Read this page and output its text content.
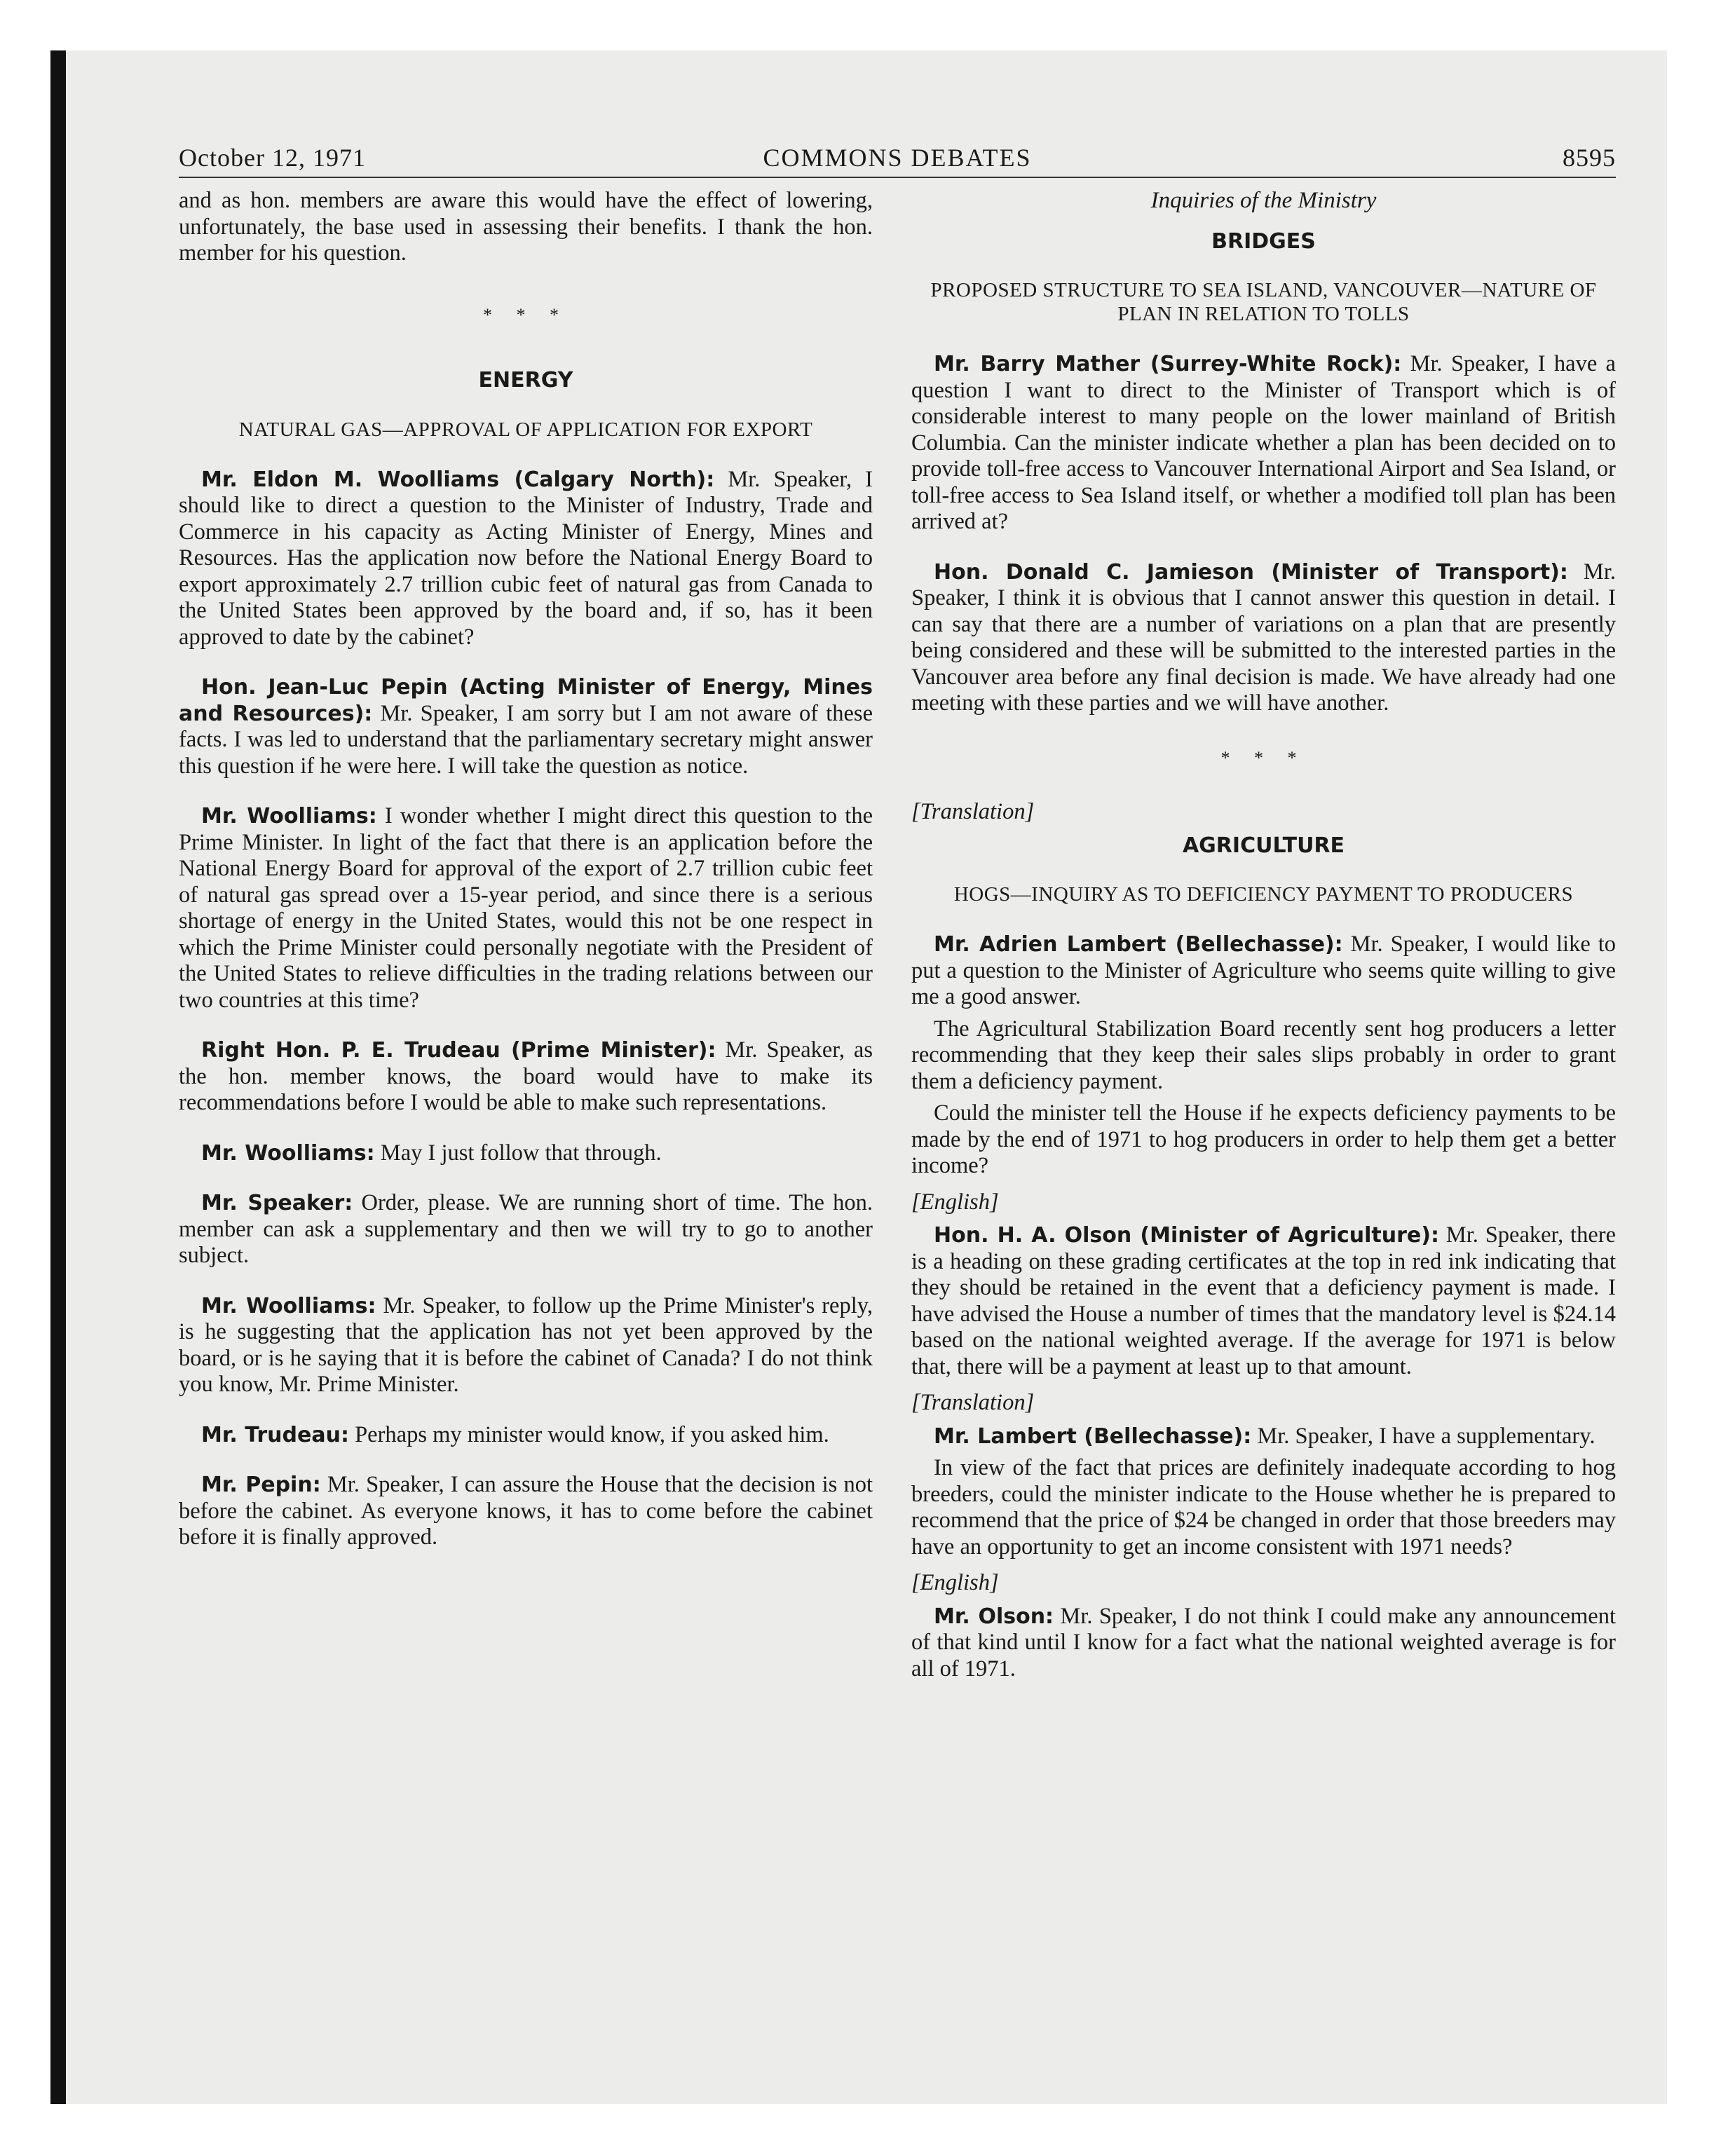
October 12, 1971	COMMONS DEBATES	8595

and as hon. members are aware this would have the effect of lowering, unfortunately, the base used in assessing their benefits. I thank the hon. member for his question.

* * *
ENERGY
NATURAL GAS—APPROVAL OF APPLICATION FOR EXPORT

Mr. Eldon M. Woolliams (Calgary North): Mr. Speaker, I should like to direct a question to the Minister of Industry, Trade and Commerce in his capacity as Acting Minister of Energy, Mines and Resources. Has the application now before the National Energy Board to export approximately 2.7 trillion cubic feet of natural gas from Canada to the United States been approved by the board and, if so, has it been approved to date by the cabinet?

Hon. Jean-Luc Pepin (Acting Minister of Energy, Mines and Resources): Mr. Speaker, I am sorry but I am not aware of these facts. I was led to understand that the parliamentary secretary might answer this question if he were here. I will take the question as notice.

Mr. Woolliams: I wonder whether I might direct this question to the Prime Minister. In light of the fact that there is an application before the National Energy Board for approval of the export of 2.7 trillion cubic feet of natural gas spread over a 15-year period, and since there is a serious shortage of energy in the United States, would this not be one respect in which the Prime Minister could personally negotiate with the President of the United States to relieve difficulties in the trading relations between our two countries at this time?

Right Hon. P. E. Trudeau (Prime Minister): Mr. Speaker, as the hon. member knows, the board would have to make its recommendations before I would be able to make such representations.

Mr. Woolliams: May I just follow that through.

Mr. Speaker: Order, please. We are running short of time. The hon. member can ask a supplementary and then we will try to go to another subject.

Mr. Woolliams: Mr. Speaker, to follow up the Prime Minister's reply, is he suggesting that the application has not yet been approved by the board, or is he saying that it is before the cabinet of Canada? I do not think you know, Mr. Prime Minister.

Mr. Trudeau: Perhaps my minister would know, if you asked him.

Mr. Pepin: Mr. Speaker, I can assure the House that the decision is not before the cabinet. As everyone knows, it has to come before the cabinet before it is finally approved.

Inquiries of the Ministry
BRIDGES
PROPOSED STRUCTURE TO SEA ISLAND, VANCOUVER—NATURE OF PLAN IN RELATION TO TOLLS

Mr. Barry Mather (Surrey-White Rock): Mr. Speaker, I have a question I want to direct to the Minister of Transport which is of considerable interest to many people on the lower mainland of British Columbia. Can the minister indicate whether a plan has been decided on to provide toll-free access to Vancouver International Airport and Sea Island, or toll-free access to Sea Island itself, or whether a modified toll plan has been arrived at?

Hon. Donald C. Jamieson (Minister of Transport): Mr. Speaker, I think it is obvious that I cannot answer this question in detail. I can say that there are a number of variations on a plan that are presently being considered and these will be submitted to the interested parties in the Vancouver area before any final decision is made. We have already had one meeting with these parties and we will have another.

* * *
[Translation]
AGRICULTURE
HOGS—INQUIRY AS TO DEFICIENCY PAYMENT TO PRODUCERS

Mr. Adrien Lambert (Bellechasse): Mr. Speaker, I would like to put a question to the Minister of Agriculture who seems quite willing to give me a good answer.

The Agricultural Stabilization Board recently sent hog producers a letter recommending that they keep their sales slips probably in order to grant them a deficiency payment.

Could the minister tell the House if he expects deficiency payments to be made by the end of 1971 to hog producers in order to help them get a better income?

[English]

Hon. H. A. Olson (Minister of Agriculture): Mr. Speaker, there is a heading on these grading certificates at the top in red ink indicating that they should be retained in the event that a deficiency payment is made. I have advised the House a number of times that the mandatory level is $24.14 based on the national weighted average. If the average for 1971 is below that, there will be a payment at least up to that amount.

[Translation]

Mr. Lambert (Bellechasse): Mr. Speaker, I have a supplementary.

In view of the fact that prices are definitely inadequate according to hog breeders, could the minister indicate to the House whether he is prepared to recommend that the price of $24 be changed in order that those breeders may have an opportunity to get an income consistent with 1971 needs?

[English]

Mr. Olson: Mr. Speaker, I do not think I could make any announcement of that kind until I know for a fact what the national weighted average is for all of 1971.
